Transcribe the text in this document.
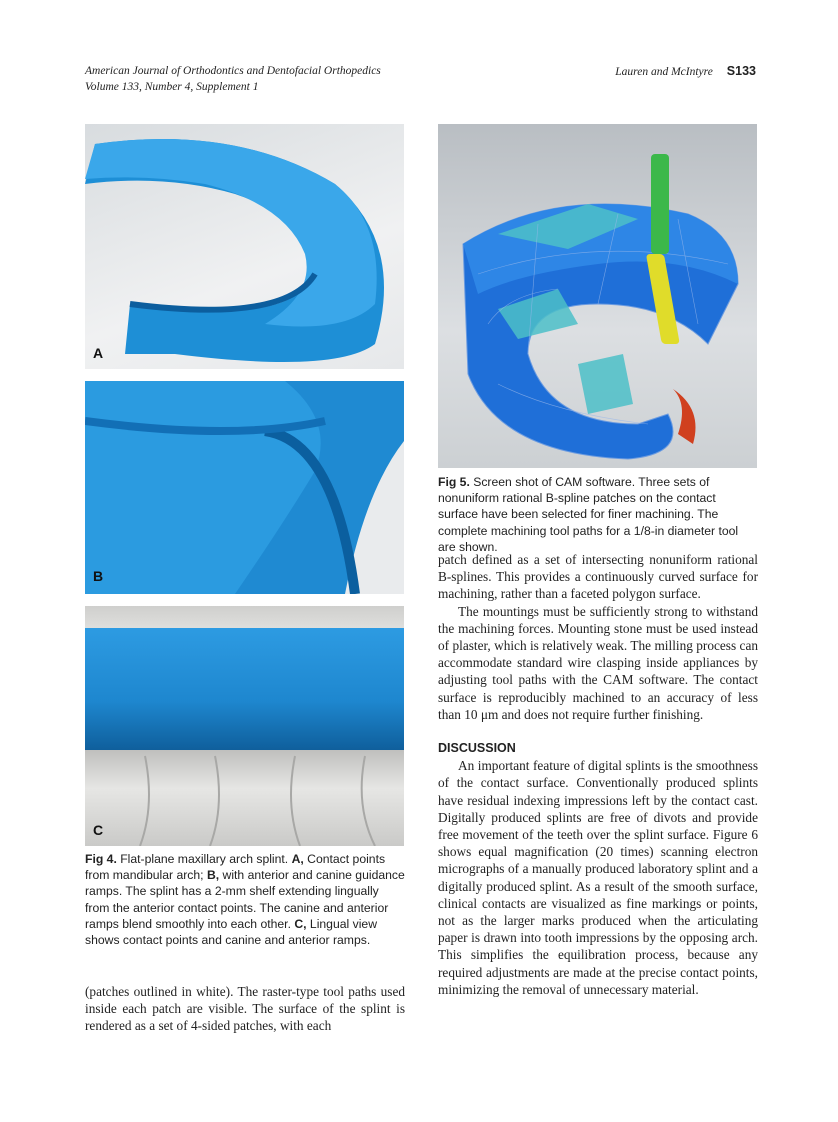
American Journal of Orthodontics and Dentofacial Orthopedics
Volume 133, Number 4, Supplement 1
Lauren and McIntyre S133
A
B
C
Fig 4. Flat-plane maxillary arch splint. A, Contact points from mandibular arch; B, with anterior and canine guidance ramps. The splint has a 2-mm shelf extending lingually from the anterior contact points. The canine and anterior ramps blend smoothly into each other. C, Lingual view shows contact points and canine and anterior ramps.

(patches outlined in white). The raster-type tool paths used inside each patch are visible. The surface of the splint is rendered as a set of 4-sided patches, with each

Fig 5. Screen shot of CAM software. Three sets of nonuniform rational B-spline patches on the contact surface have been selected for finer machining. The complete machining tool paths for a 1/8-in diameter tool are shown.

patch defined as a set of intersecting nonuniform rational B-splines. This provides a continuously curved surface for machining, rather than a faceted polygon surface.

The mountings must be sufficiently strong to withstand the machining forces. Mounting stone must be used instead of plaster, which is relatively weak. The milling process can accommodate standard wire clasping inside appliances by adjusting tool paths with the CAM software. The contact surface is reproducibly machined to an accuracy of less than 10 μm and does not require further finishing.

DISCUSSION

An important feature of digital splints is the smoothness of the contact surface. Conventionally produced splints have residual indexing impressions left by the contact cast. Digitally produced splints are free of divots and provide free movement of the teeth over the splint surface. Figure 6 shows equal magnification (20 times) scanning electron micrographs of a manually produced laboratory splint and a digitally produced splint. As a result of the smooth surface, clinical contacts are visualized as fine markings or points, not as the larger marks produced when the articulating paper is drawn into tooth impressions by the opposing arch. This simplifies the equilibration process, because any required adjustments are made at the precise contact points, minimizing the removal of unnecessary material.
